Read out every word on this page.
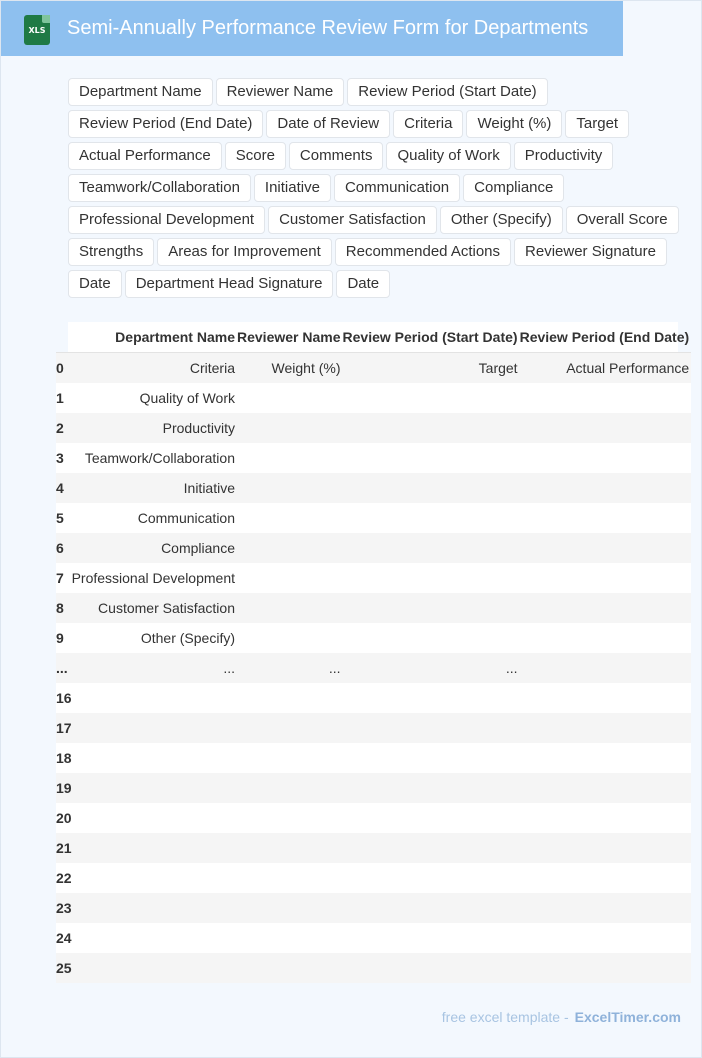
XLS Semi-Annually Performance Review Form for Departments
Department Name	Reviewer Name	Review Period (Start Date)
Review Period (End Date)	Date of Review	Criteria	Weight (%)	Target
Actual Performance	Score	Comments	Quality of Work	Productivity
Teamwork/Collaboration	Initiative	Communication	Compliance
Professional Development	Customer Satisfaction	Other (Specify)	Overall Score
Strengths	Areas for Improvement	Recommended Actions	Reviewer Signature
Date	Department Head Signature	Date
	Department Name	Reviewer Name	Review Period (Start Date)	Review Period (End Date)
0	Criteria	Weight (%)	Target	Actual Performance
1	Quality of Work			
2	Productivity			
3	Teamwork/Collaboration			
4	Initiative			
5	Communication			
6	Compliance			
7	Professional Development			
8	Customer Satisfaction			
9	Other (Specify)			
...	...	...	...	
16				
17				
18				
19				
20				
21				
22				
23				
24				
25				
free excel template - ExcelTimer.com
